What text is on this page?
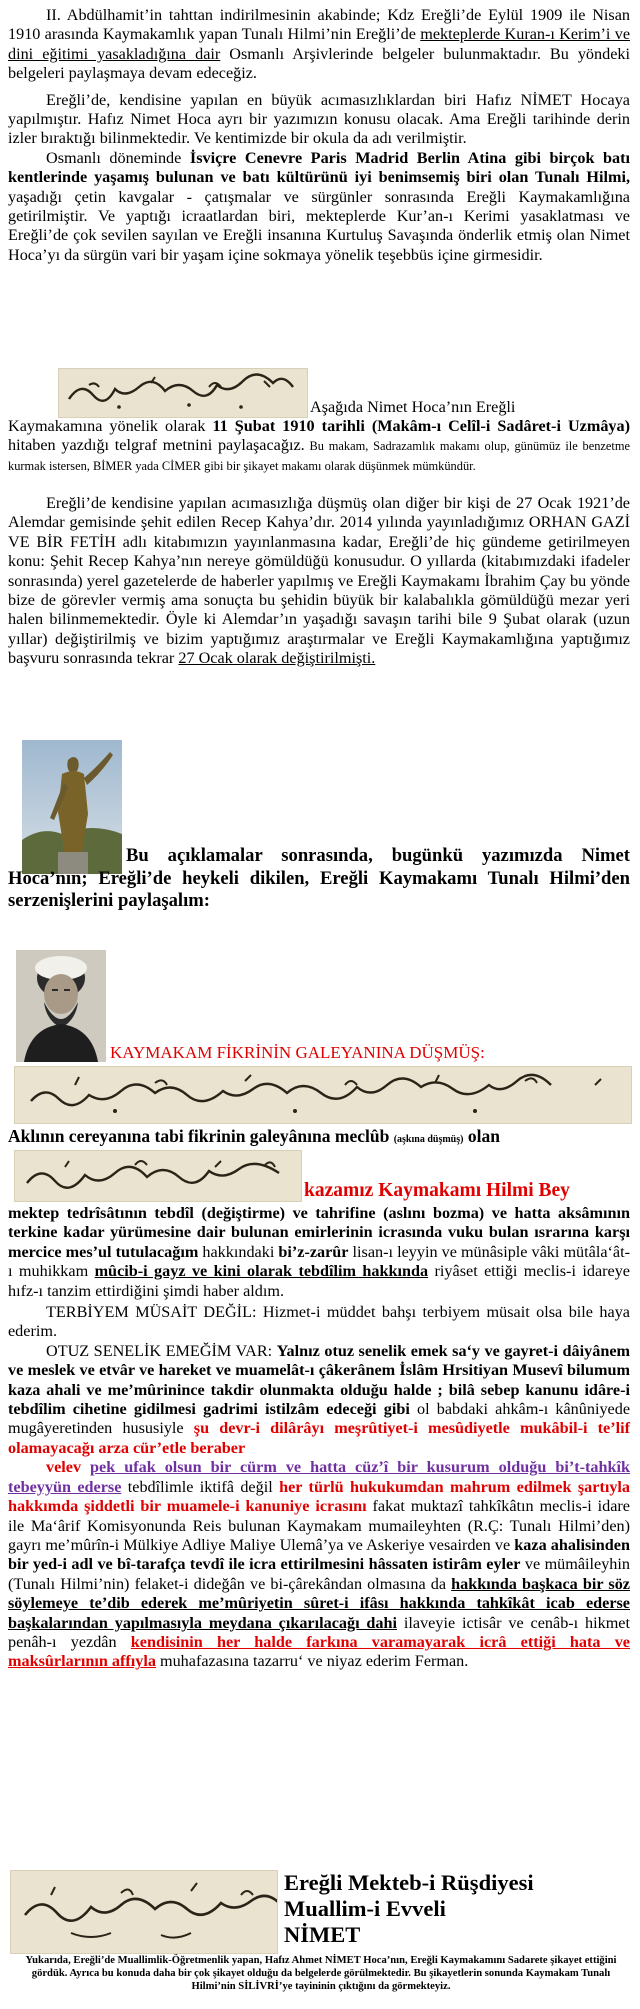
II. Abdülhamit’in tahttan indirilmesinin akabinde; Kdz Ereğli’de Eylül 1909 ile Nisan 1910 arasında Kaymakamlık yapan Tunalı Hilmi’nin Ereğli’de mekteplerde Kuran-ı Kerim’i ve dini eğitimi yasakladığına dair Osmanlı Arşivlerinde belgeler bulunmaktadır. Bu yöndeki belgeleri paylaşmaya devam edeceğiz.

Ereğli’de, kendisine yapılan en büyük acımasızlıklardan biri Hafız NİMET Hocaya yapılmıştır. Hafız Nimet Hoca ayrı bir yazımızın konusu olacak. Ama Ereğli tarihinde derin izler bıraktığı bilinmektedir. Ve kentimizde bir okula da adı verilmiştir.

Osmanlı döneminde İsviçre Cenevre Paris Madrid Berlin Atina gibi birçok batı kentlerinde yaşamış bulunan ve batı kültürünü iyi benimsemiş biri olan Tunalı Hilmi, yaşadığı çetin kavgalar - çatışmalar ve sürgünler sonrasında Ereğli Kaymakamlığına getirilmiştir. Ve yaptığı icraatlardan biri, mekteplerde Kur’an-ı Kerimi yasaklatması ve Ereğli’de çok sevilen sayılan ve Ereğli insanına Kurtuluş Savaşında önderlik etmiş olan Nimet Hoca’yı da sürgün vari bir yaşam içine sokmaya yönelik teşebbüs içine girmesidir.

Aşağıda Nimet Hoca’nın Ereğli

Kaymakamına yönelik olarak 11 Şubat 1910 tarihli (Makâm-ı Celîl-i Sadâret-i Uzmâya) hitaben yazdığı telgraf metnini paylaşacağız. Bu makam, Sadrazamlık makamı olup, günümüz ile benzetme kurmak istersen, BİMER yada CİMER gibi bir şikayet makamı olarak düşünmek mümkündür.

Ereğli’de kendisine yapılan acımasızlığa düşmüş olan diğer bir kişi de 27 Ocak 1921’de Alemdar gemisinde şehit edilen Recep Kahya’dır. 2014 yılında yayınladığımız ORHAN GAZİ VE BİR FETİH adlı kitabımızın yayınlanmasına kadar, Ereğli’de hiç gündeme getirilmeyen konu: Şehit Recep Kahya’nın nereye gömüldüğü konusudur. O yıllarda (kitabımızdaki ifadeler sonrasında) yerel gazetelerde de haberler yapılmış ve Ereğli Kaymakamı İbrahim Çay bu yönde bize de görevler vermiş ama sonuçta bu şehidin büyük bir kalabalıkla gömüldüğü mezar yeri halen bilinmemektedir. Öyle ki Alemdar’ın yaşadığı savaşın tarihi bile 9 Şubat olarak (uzun yıllar) değiştirilmiş ve bizim yaptığımız araştırmalar ve Ereğli Kaymakamlığına yaptığımız başvuru sonrasında tekrar 27 Ocak olarak değiştirilmişti.

Bu açıklamalar sonrasında, bugünkü yazımızda Nimet Hoca’nın; Ereğli’de heykeli dikilen, Ereğli Kaymakamı Tunalı Hilmi’den serzenişlerini paylaşalım:

KAYMAKAM FİKRİNİN GALEYANINA DÜŞMÜŞ:

Aklının cereyanına tabi fikrinin galeyânına meclûb (aşkına düşmüş) olan

kazamız Kaymakamı Hilmi Bey

mektep tedrîsâtının tebdîl (değiştirme) ve tahrifine (aslını bozma) ve hatta aksâmının terkine kadar yürümesine dair bulunan emirlerinin icrasında vuku bulan ısrarına karşı mercice mes’ul tutulacağım hakkındaki bi’z-zarûr lisan-ı leyyin ve münâsiple vâki mütâla‘ât-ı muhikkam mûcib-i gayz ve kini olarak tebdîlim hakkında riyâset ettiği meclis-i idareye hıfz-ı tanzim ettirdiğini şimdi haber aldım.

TERBİYEM MÜSAİT DEĞİL: Hizmet-i müddet bahşı terbiyem müsait olsa bile haya ederim.

OTUZ SENELİK EMEĞİM VAR: Yalnız otuz senelik emek sa‘y ve gayret-i dâiyânem ve meslek ve etvâr ve hareket ve muamelât-ı çâkerânem İslâm Hrsitiyan Musevî bilumum kaza ahali ve me’mûrinince takdir olunmakta olduğu halde ; bilâ sebep kanunu idâre-i tebdîlim cihetine gidilmesi gadrimi istilzâm edeceği gibi ol babdaki ahkâm-ı kânûniyede mugâyeretinden hususiyle şu devr-i dilârâyı meşrûtiyet-i mesûdiyetle mukâbil-i te’lif olamayacağı arza cür’etle beraber

velev pek ufak olsun bir cürm ve hatta cüz’î bir kusurum olduğu bi’t-tahkîk tebeyyün ederse tebdîlimle iktifâ değil her türlü hukukumdan mahrum edilmek şartıyla hakkımda şiddetli bir muamele-i kanuniye icrasını fakat muktazî tahkîkâtın meclis-i idare ile Ma‘ârif Komisyonunda Reis bulunan Kaymakam mumaileyhten (R.Ç: Tunalı Hilmi’den) gayrı me’mûrîn-i Mülkiye Adliye Maliye Ulemâ’ya ve Askeriye vesairden ve kaza ahalisinden bir yed-i adl ve bî-tarafça tevdî ile icra ettirilmesini hâssaten istirâm eyler ve mümâileyhin (Tunalı Hilmi’nin) felaket-i dideğân ve bi-çârekândan olmasına da hakkında başkaca bir söz söylemeye te’dib ederek me’mûriyetin sûret-i ifâsı hakkında tahkîkât icab ederse başkalarından yapılmasıyla meydana çıkarılacağı dahi ilaveyie ictisâr ve cenâb-ı hikmet penâh-ı yezdân kendisinin her halde farkına varamayarak icrâ ettiği hata ve maksûrlarının affıyla muhafazasına tazarru‘ ve niyaz ederim Ferman.

Ereğli Mekteb-i Rüşdiyesi
Muallim-i Evveli
NİMET

Yukarıda, Ereğli’de Muallimlik-Öğretmenlik yapan, Hafız Ahmet NİMET Hoca’nın, Ereğli Kaymakamını Sadarete şikayet ettiğini gördük. Ayrıca bu konuda daha bir çok şikayet olduğu da belgelerde görülmektedir. Bu şikayetlerin sonunda Kaymakam Tunalı Hilmi’nin SİLİVRİ’ye tayininin çıktığını da görmekteyiz.
